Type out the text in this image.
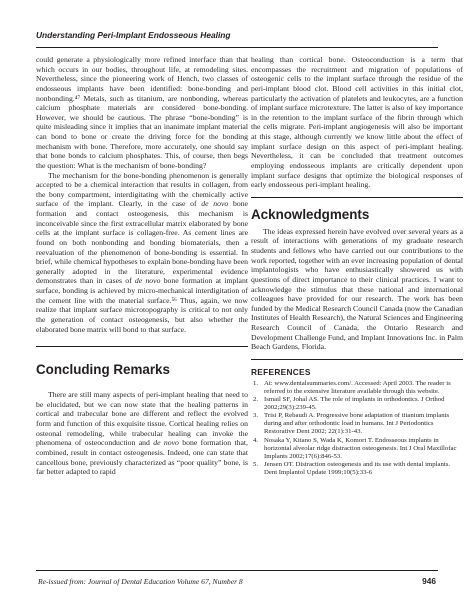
Understanding Peri-Implant Endosseous Healing

could generate a physiologically more refined interface than that which occurs in our bodies, throughout life, at remodeling sites. Nevertheless, since the pioneering work of Hench, two classes of endosseous implants have been identified: bone-bonding and nonbonding.⁴⁷ Metals, such as titanium, are nonbonding, whereas calcium phosphate materials are considered bone-bonding. However, we should be cautious. The phrase “bone-bonding” is quite misleading since it implies that an inanimate implant material can bond to bone or create the driving force for the bonding mechanism with bone. Therefore, more accurately, one should say that bone bonds to calcium phosphates. This, of course, then begs the question: What is the mechanism of bone-bonding?

The mechanism for the bone-bonding phenomenon is generally accepted to be a chemical interaction that results in collagen, from the bony compartment, interdigitating with the chemically active surface of the implant. Clearly, in the case of de novo bone formation and contact osteogenesis, this mechanism is inconceivable since the first extracellular matrix elaborated by bone cells at the implant surface is collagen-free. As cement lines are found on both nonbonding and bonding biomaterials, then a reevaluation of the phenomenon of bone-bonding is essential. In brief, while chemical hypotheses to explain bone-bonding have been generally adopted in the literature, experimental evidence demonstrates than in cases of de novo bone formation at implant surface, bonding is achieved by micro-mechanical interdigitation of the cement line with the material surface.⁵⁶ Thus, again, we now realize that implant surface microtopography is critical to not only the generation of contact osteogenesis, but also whether the elaborated bone matrix will bond to that surface.

Concluding Remarks

There are still many aspects of peri-implant healing that need to be elucidated, but we can now state that the healing patterns in cortical and trabecular bone are different and reflect the evolved form and function of this exquisite tissue. Cortical healing relies on osteonal remodeling, while trabecular healing can invoke the phenomena of osteoconduction and de novo bone formation that, combined, result in contact osteogenesis. Indeed, one can state that cancellous bone, previously characterized as “poor quality” bone, is far better adapted to rapid

healing than cortical bone. Osteoconduction is a term that encompasses the recruitment and migration of populations of osteogenic cells to the implant surface through the residue of the peri-implant blood clot. Blood cell activities in this initial clot, particularly the activation of platelets and leukocytes, are a function of implant surface microtexture. The latter is also of key importance in the retention to the implant surface of the fibrin through which the cells migrate. Peri-implant angiogenesis will also be important at this stage, although currently we know little about the effect of implant surface design on this aspect of peri-implant healing. Nevertheless, it can be concluded that treatment outcomes employing endosseous implants are critically dependent upon implant surface designs that optimize the biological responses of early endosseous peri-implant healing.

Acknowledgments

The ideas expressed herein have evolved over several years as a result of interactions with generations of my graduate research students and fellows who have carried out our contributions to the work reported, together with an ever increasing population of dental implantologists who have enthusiastically showered us with questions of direct importance to their clinical practices. I want to acknowledge the stimulus that these national and international colleagues have provided for our research. The work has been funded by the Medical Research Council Canada (now the Canadian Institutes of Health Research), the Natural Sciences and Engineering Research Council of Canada, the Ontario Research and Development Challenge Fund, and Implant Innovations Inc. in Palm Beach Gardens, Florida.

REFERENCES
1. At: www.dentalsummaries.com/. Accessed: April 2003. The reader is referred to the extensive literature available through this website.
2. Ismail SF, Johal AS. The role of implants in orthodontics. J Orthod 2002;29(3):239-45.
3. Trisi P, Rebaudi A. Progressive bone adaptation of titanium implants during and after orthodontic load in humans. Int J Periodontics Restorative Dent 2002; 22(1):31-43.
4. Nosaka Y, Kitano S, Wada K, Komori T. Endosseous implants in horizontal alveolar ridge distraction osteogenesis. Int J Oral Maxillofac Implants 2002;17(6):846-53.
5. Jensen OT. Distraction osteogenesis and its use with dental implants. Dent Implantol Update 1999;10(5):33-6
Re-issued from: Journal of Dental Education Volume 67, Number 8	946
